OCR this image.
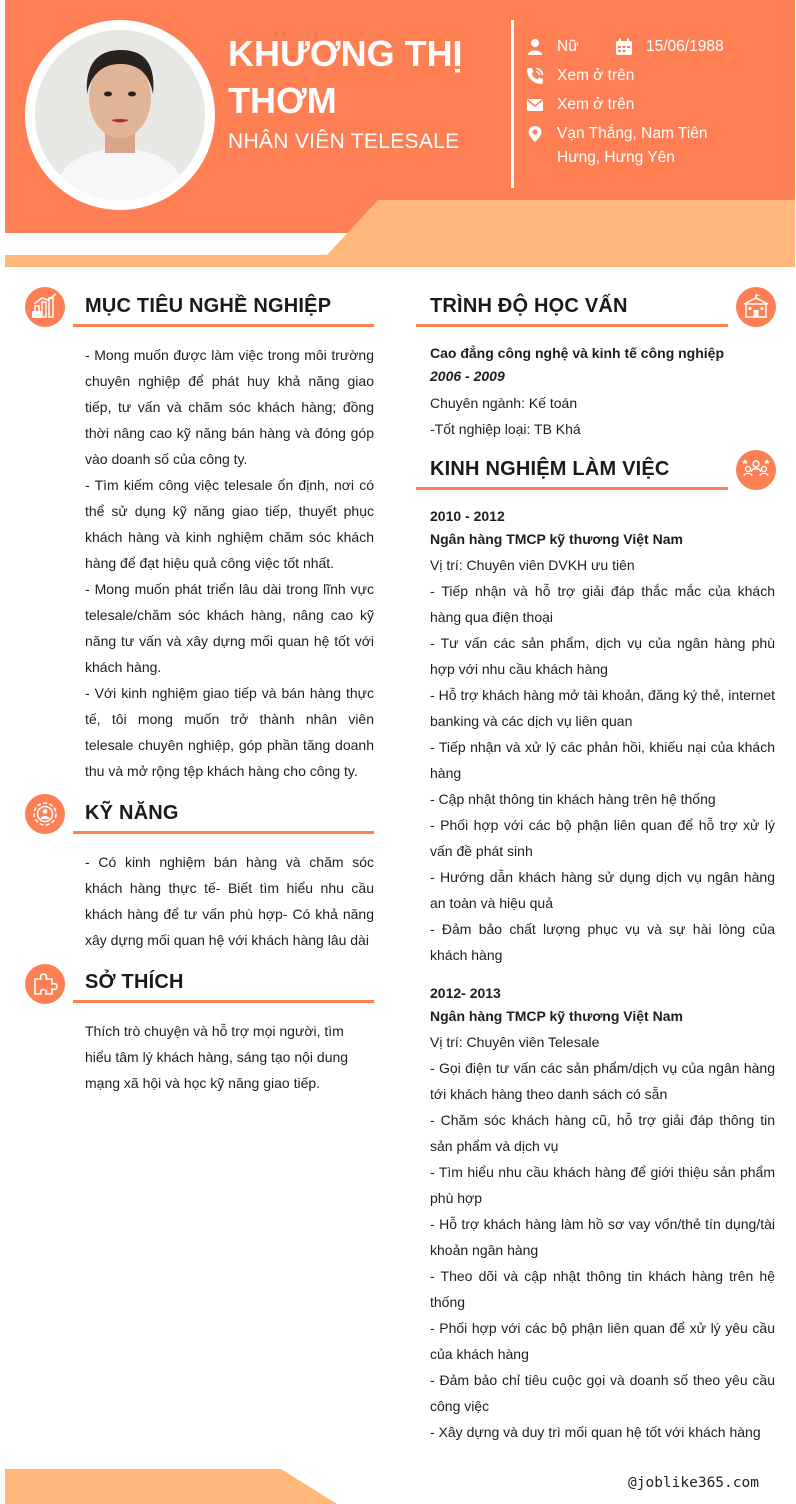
KHƯƠNG THỊ
THƠM
NHÂN VIÊN TELESALE
Nữ	15/06/1988
Xem ở trên
Xem ở trên
Vạn Thắng, Nam Tiên
Hưng, Hưng Yên
MỤC TIÊU NGHỀ NGHIỆP

- Mong muốn được làm việc trong môi trường chuyên nghiệp để phát huy khả năng giao tiếp, tư vấn và chăm sóc khách hàng; đồng thời nâng cao kỹ năng bán hàng và đóng góp vào doanh số của công ty.

- Tìm kiếm công việc telesale ổn định, nơi có thể sử dụng kỹ năng giao tiếp, thuyết phục khách hàng và kinh nghiệm chăm sóc khách hàng để đạt hiệu quả công việc tốt nhất.

- Mong muốn phát triển lâu dài trong lĩnh vực telesale/chăm sóc khách hàng, nâng cao kỹ năng tư vấn và xây dựng mối quan hệ tốt với khách hàng.

- Với kinh nghiệm giao tiếp và bán hàng thực tế, tôi mong muốn trở thành nhân viên telesale chuyên nghiệp, góp phần tăng doanh thu và mở rộng tệp khách hàng cho công ty.

KỸ NĂNG
- Có kinh nghiệm bán hàng và chăm sóc khách hàng thực tế- Biết tìm hiểu nhu cầu khách hàng để tư vấn phù hợp- Có khả năng xây dựng mối quan hệ với khách hàng lâu dài
SỞ THÍCH
Thích trò chuyện và hỗ trợ mọi người, tìm hiểu tâm lý khách hàng, sáng tạo nội dung mạng xã hội và học kỹ năng giao tiếp.
TRÌNH ĐỘ HỌC VẤN

Cao đẳng công nghệ và kinh tế công nghiệp

2006 - 2009

Chuyên ngành: Kế toán

-Tốt nghiệp loại: TB Khá

KINH NGHIỆM LÀM VIỆC

2010 - 2012

Ngân hàng TMCP kỹ thương Việt Nam

Vị trí: Chuyên viên DVKH ưu tiên

- Tiếp nhận và hỗ trợ giải đáp thắc mắc của khách hàng qua điện thoại

- Tư vấn các sản phẩm, dịch vụ của ngân hàng phù hợp với nhu cầu khách hàng

- Hỗ trợ khách hàng mở tài khoản, đăng ký thẻ, internet banking và các dịch vụ liên quan

- Tiếp nhận và xử lý các phản hồi, khiếu nại của khách hàng

- Cập nhật thông tin khách hàng trên hệ thống

- Phối hợp với các bộ phận liên quan để hỗ trợ xử lý vấn đề phát sinh

- Hướng dẫn khách hàng sử dụng dịch vụ ngân hàng an toàn và hiệu quả

- Đảm bảo chất lượng phục vụ và sự hài lòng của khách hàng

2012- 2013

Ngân hàng TMCP kỹ thương Việt Nam

Vị trí: Chuyên viên Telesale

- Gọi điện tư vấn các sản phẩm/dịch vụ của ngân hàng tới khách hàng theo danh sách có sẵn

- Chăm sóc khách hàng cũ, hỗ trợ giải đáp thông tin sản phẩm và dịch vụ

- Tìm hiểu nhu cầu khách hàng để giới thiệu sản phẩm phù hợp

- Hỗ trợ khách hàng làm hồ sơ vay vốn/thẻ tín dụng/tài khoản ngân hàng

- Theo dõi và cập nhật thông tin khách hàng trên hệ thống

- Phối hợp với các bộ phận liên quan để xử lý yêu cầu của khách hàng

- Đảm bảo chỉ tiêu cuộc gọi và doanh số theo yêu cầu công việc

- Xây dựng và duy trì mối quan hệ tốt với khách hàng

@joblike365.com
